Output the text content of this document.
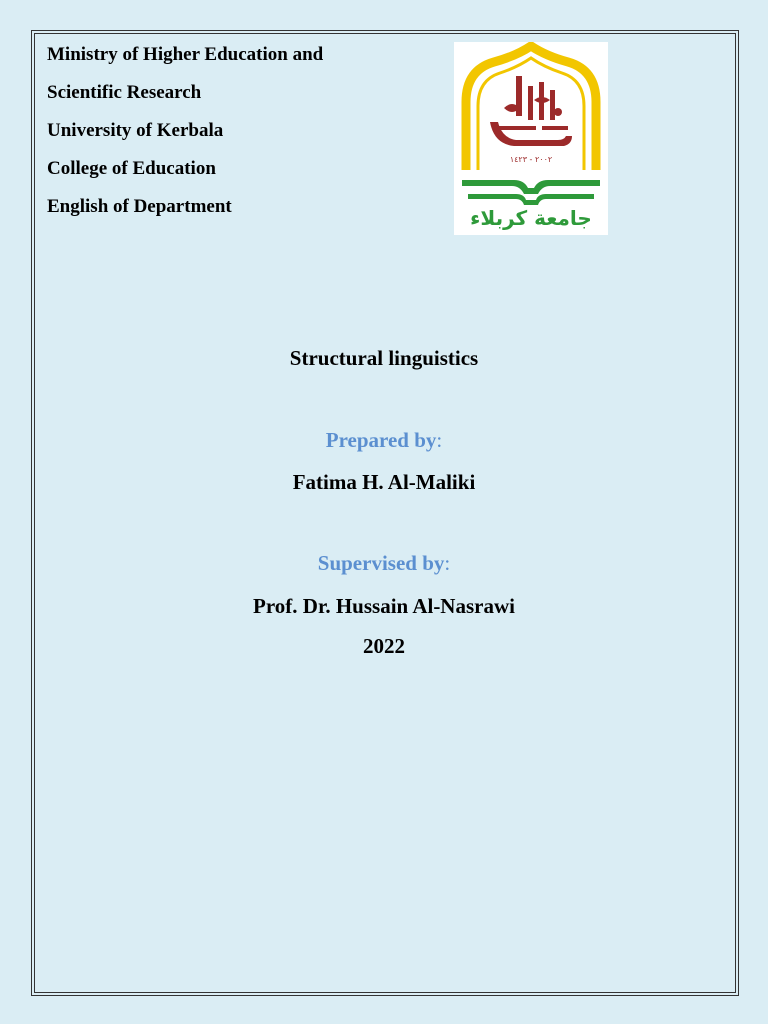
Ministry of Higher Education and
Scientific Research
University of Kerbala
College of Education
English of Department
٢٠٠٢ - ١٤٢٣
جامعة كربلاء
Structural linguistics
Prepared by:
Fatima H. Al-Maliki
Supervised by:
Prof. Dr. Hussain Al-Nasrawi
2022
